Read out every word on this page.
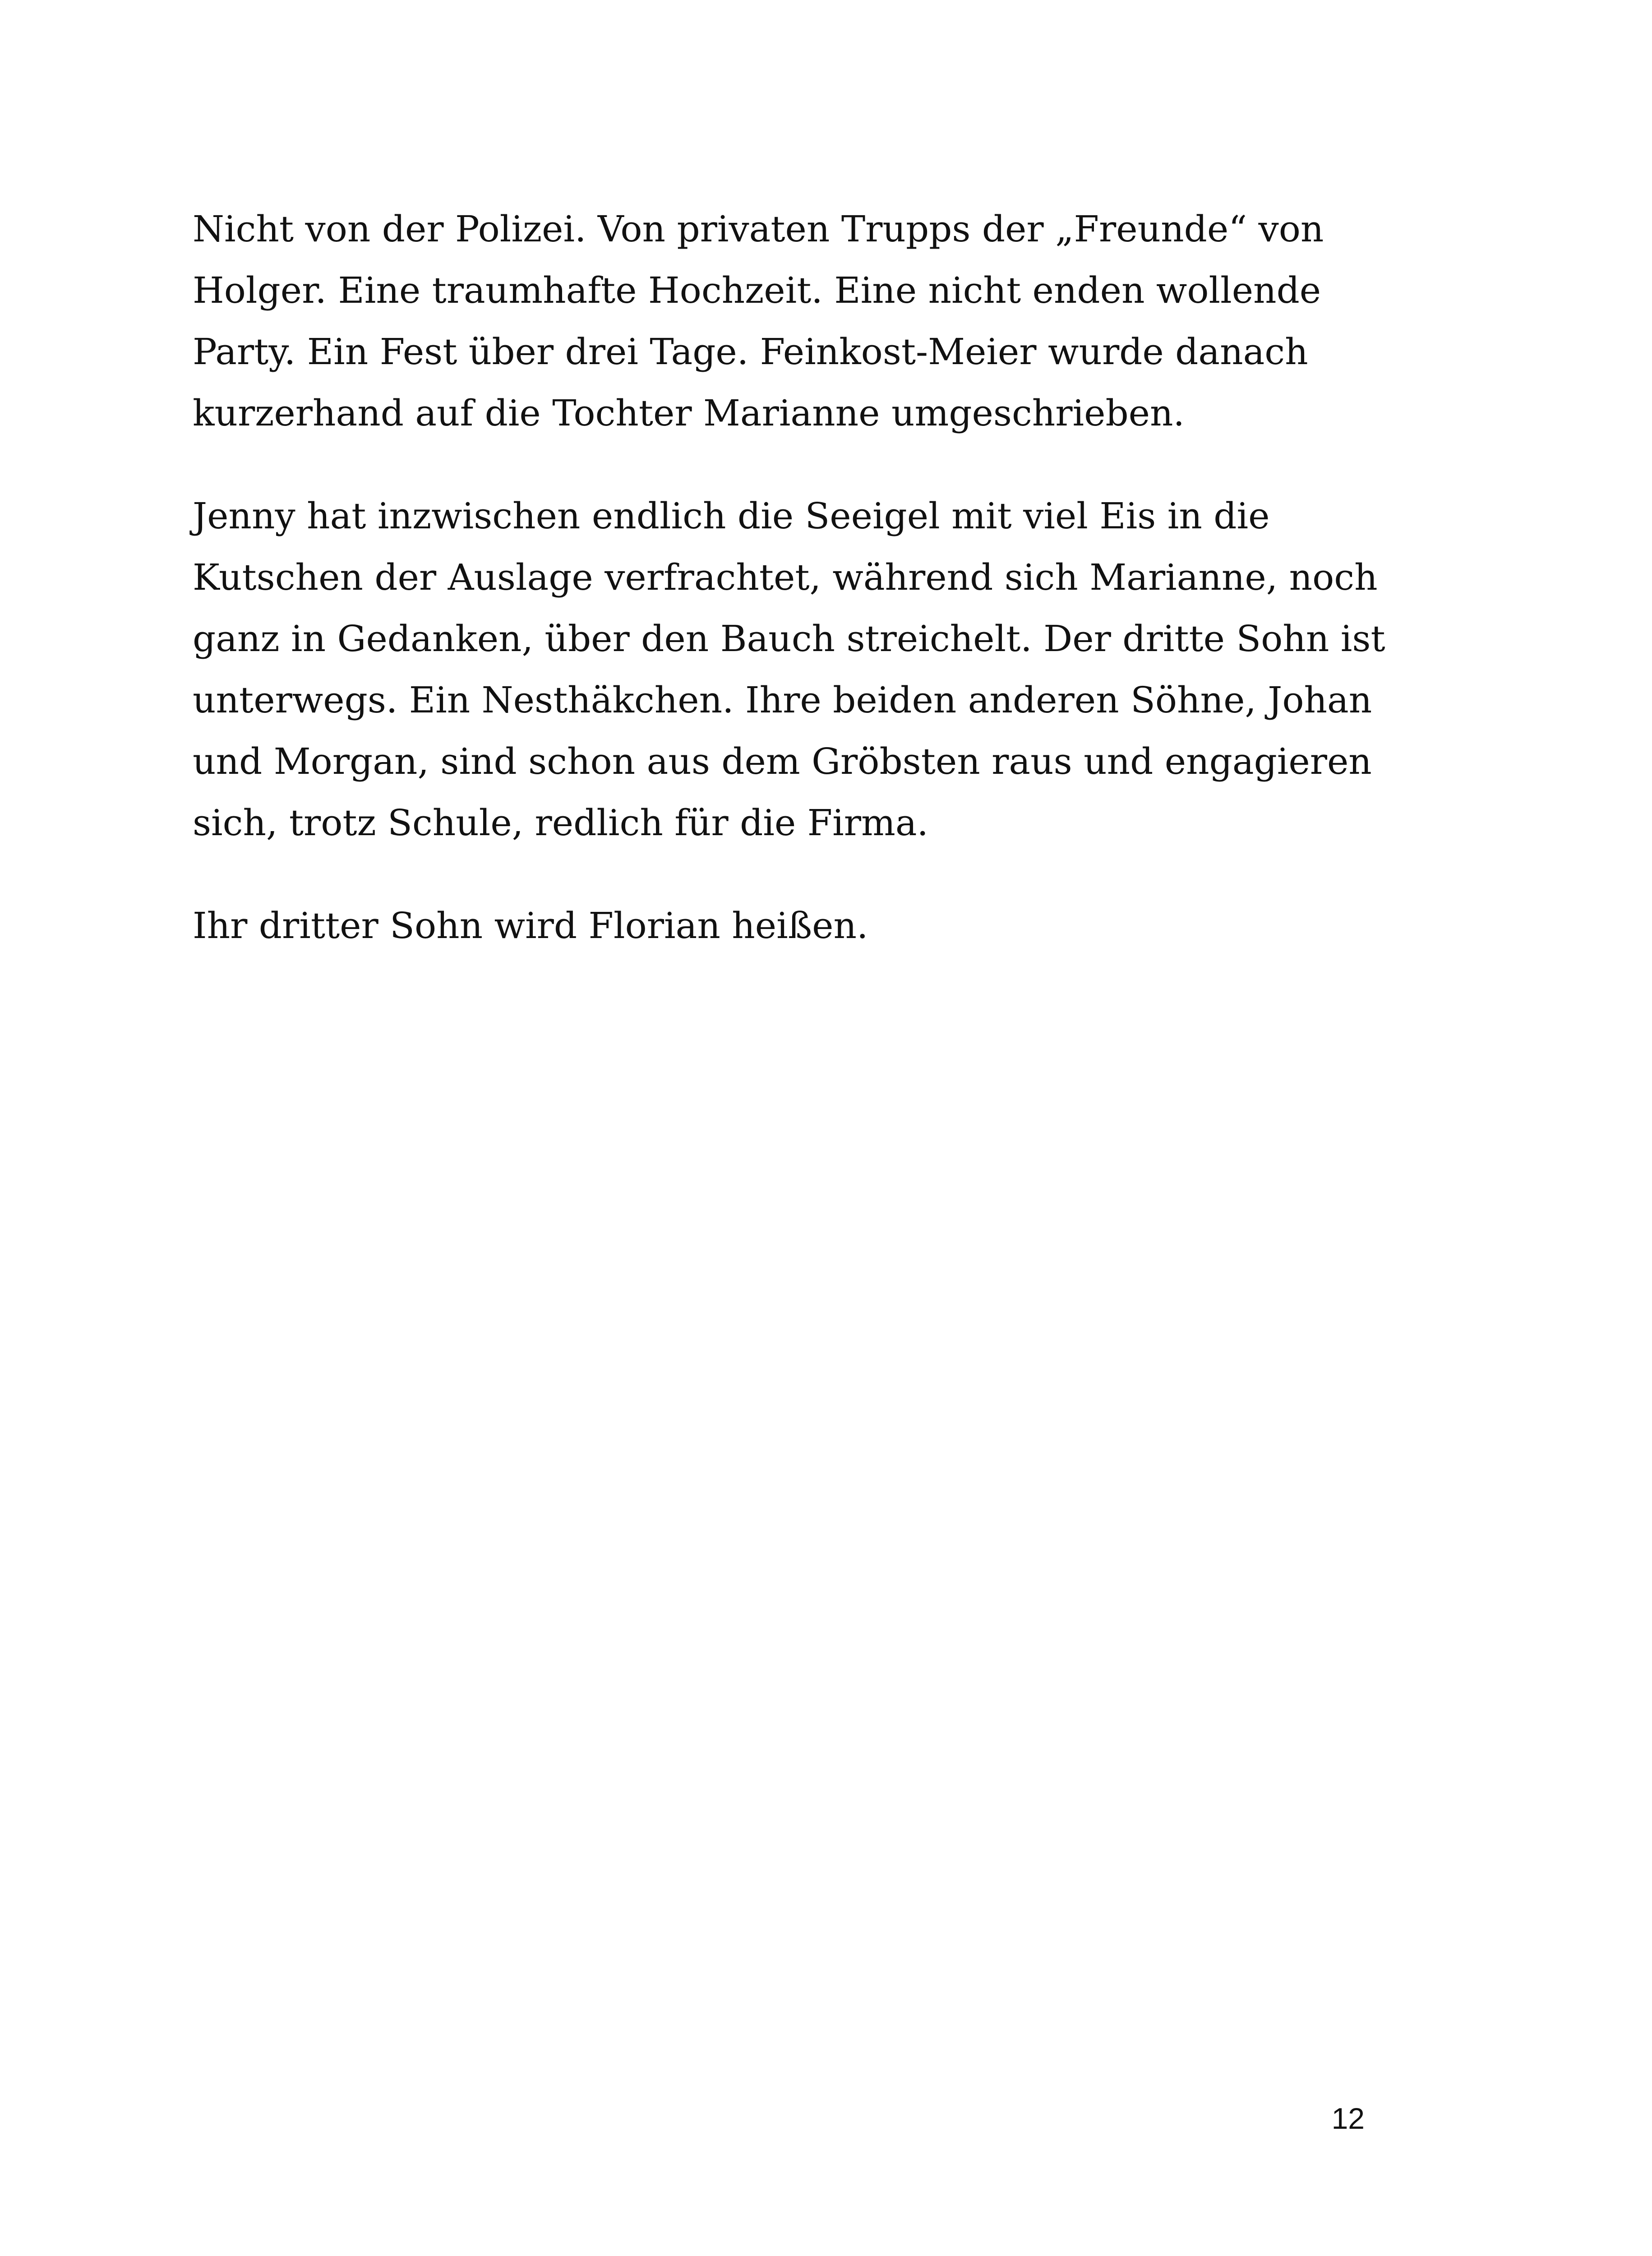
Nicht von der Polizei. Von privaten Trupps der „Freunde“ von
Holger. Eine traumhafte Hochzeit. Eine nicht enden wollende
Party. Ein Fest über drei Tage. Feinkost-Meier wurde danach
kurzerhand auf die Tochter Marianne umgeschrieben.

Jenny hat inzwischen endlich die Seeigel mit viel Eis in die
Kutschen der Auslage verfrachtet, während sich Marianne, noch
ganz in Gedanken, über den Bauch streichelt. Der dritte Sohn ist
unterwegs. Ein Nesthäkchen. Ihre beiden anderen Söhne, Johan
und Morgan, sind schon aus dem Gröbsten raus und engagieren
sich, trotz Schule, redlich für die Firma.

Ihr dritter Sohn wird Florian heißen.

12
